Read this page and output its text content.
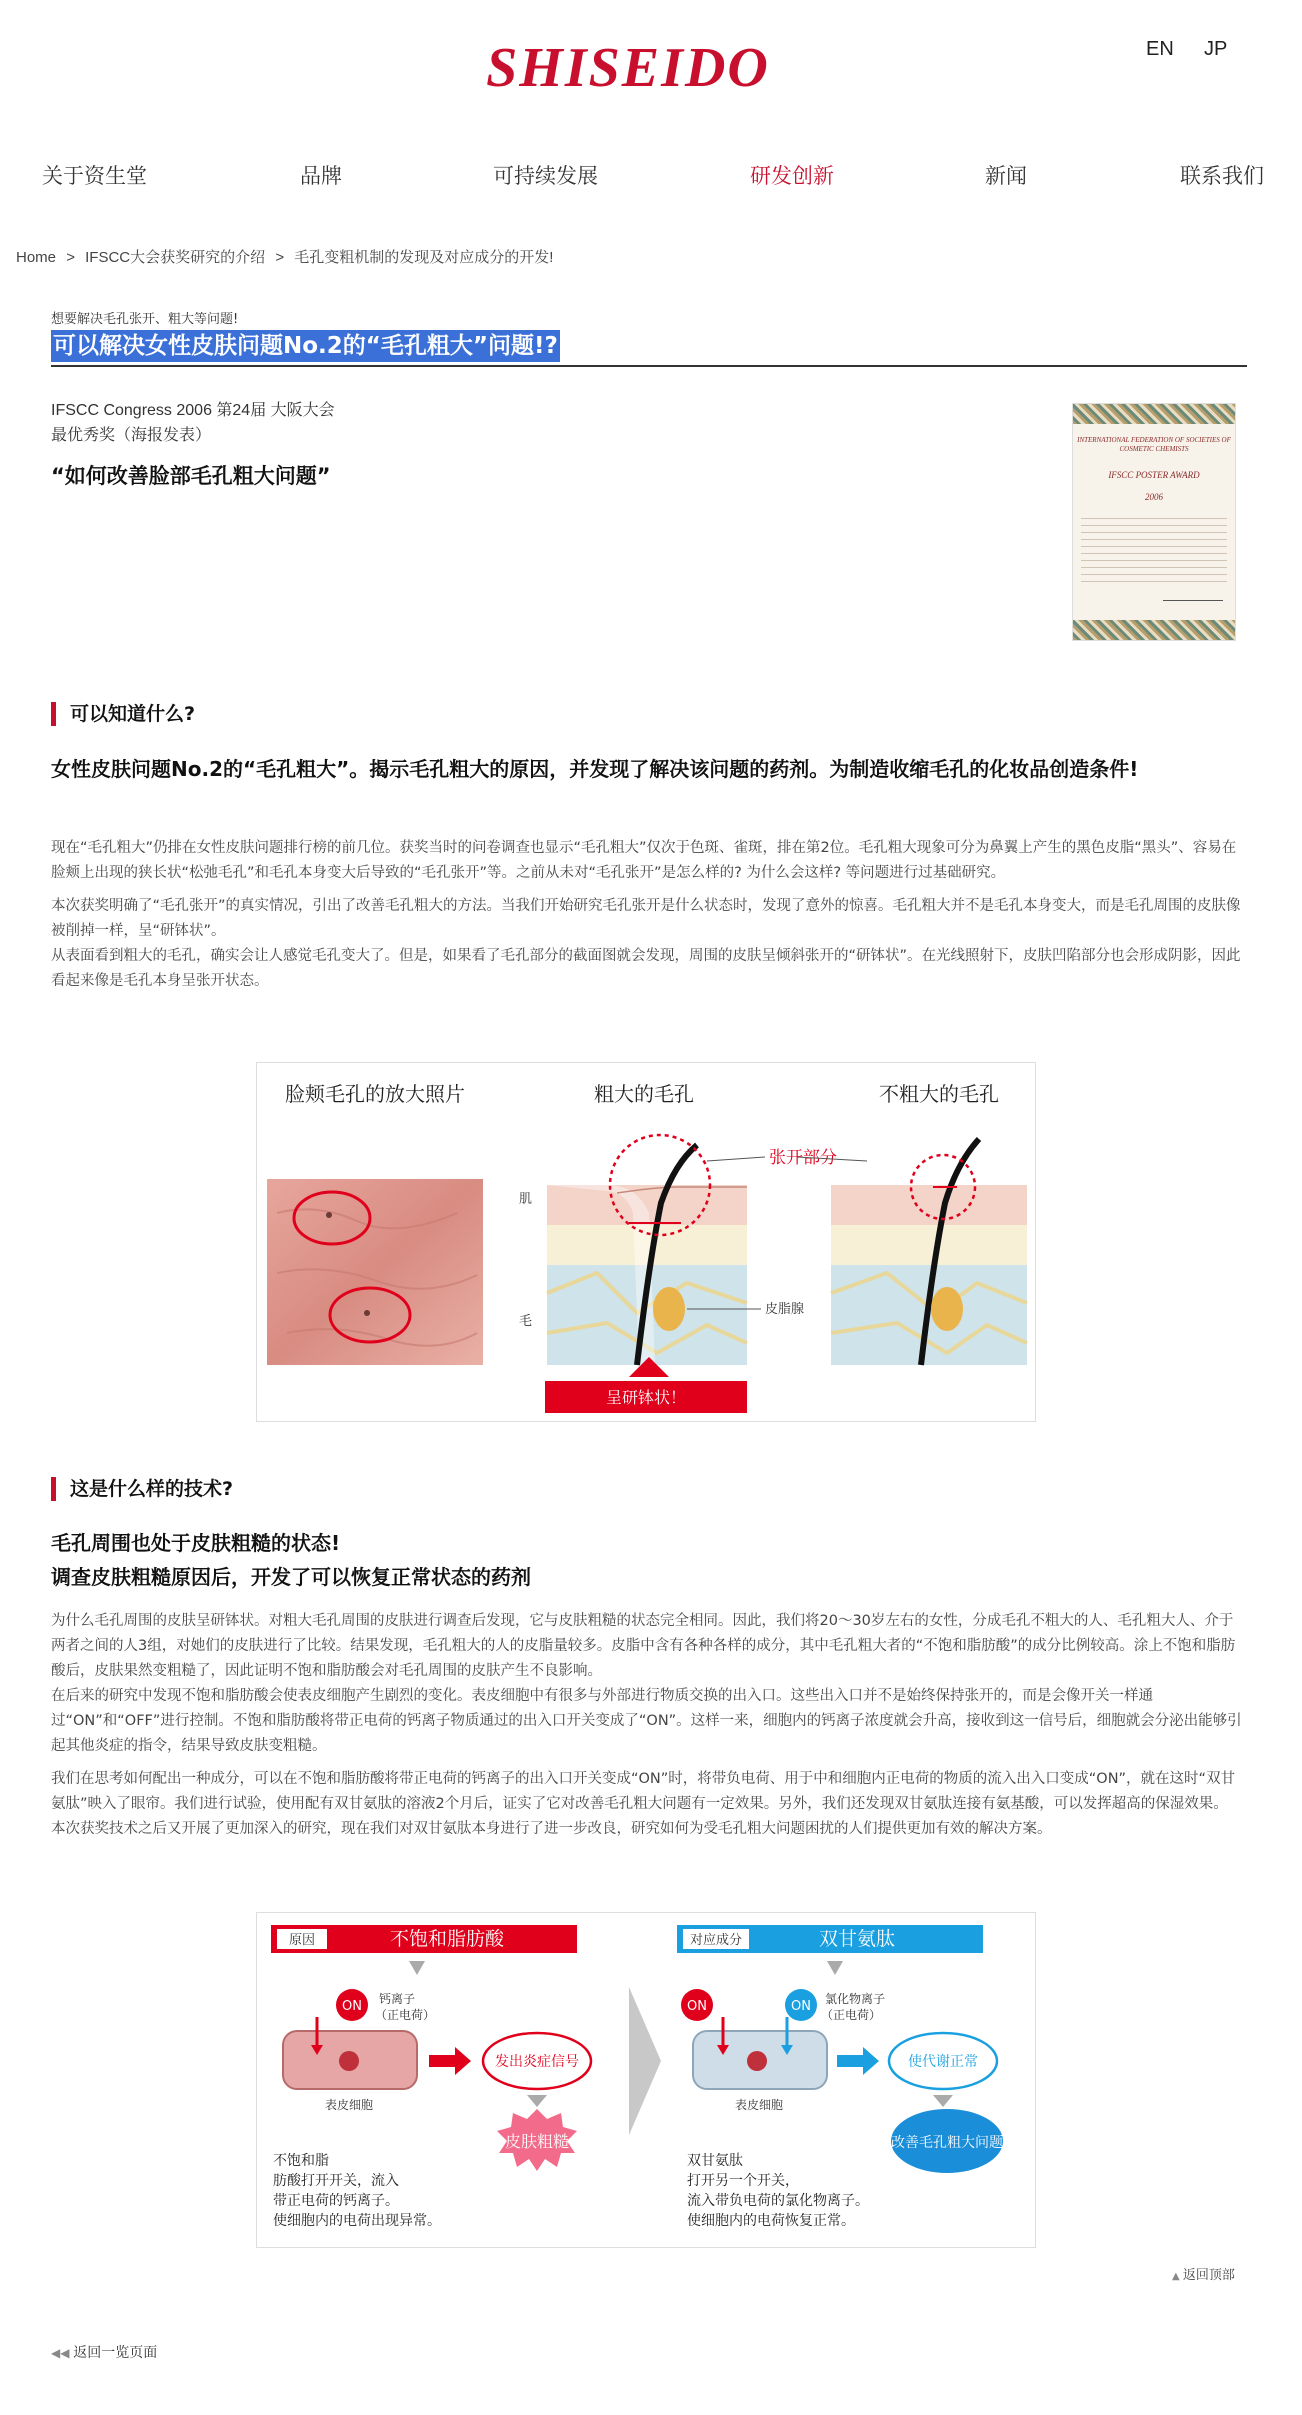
SHISEIDO	EN JP
关于资生堂	品牌	可持续发展	研发创新	新闻	联系我们
Home > IFSCC大会获奖研究的介绍 > 毛孔变粗机制的发现及对应成分的开发!
想要解决毛孔张开、粗大等问题!
可以解决女性皮肤问题No.2的“毛孔粗大”问题!?
IFSCC Congress 2006 第24届 大阪大会
最优秀奖（海报发表）
“如何改善脸部毛孔粗大问题”
INTERNATIONAL FEDERATION OF SOCIETIES OF COSMETIC CHEMISTS
IFSCC POSTER AWARD
2006
可以知道什么?
女性皮肤问题No.2的“毛孔粗大”。揭示毛孔粗大的原因，并发现了解决该问题的药剂。为制造收缩毛孔的化妆品创造条件!

现在“毛孔粗大”仍排在女性皮肤问题排行榜的前几位。获奖当时的问卷调查也显示“毛孔粗大”仅次于色斑、雀斑，排在第2位。毛孔粗大现象可分为鼻翼上产生的黑色皮脂“黑头”、容易在脸颊上出现的狭长状“松弛毛孔”和毛孔本身变大后导致的“毛孔张开”等。之前从未对“毛孔张开”是怎么样的? 为什么会这样? 等问题进行过基础研究。

本次获奖明确了“毛孔张开”的真实情况，引出了改善毛孔粗大的方法。当我们开始研究毛孔张开是什么状态时，发现了意外的惊喜。毛孔粗大并不是毛孔本身变大，而是毛孔周围的皮肤像被削掉一样，呈“研钵状”。

从表面看到粗大的毛孔，确实会让人感觉毛孔变大了。但是，如果看了毛孔部分的截面图就会发现，周围的皮肤呈倾斜张开的“研钵状”。在光线照射下，皮肤凹陷部分也会形成阴影，因此看起来像是毛孔本身呈张开状态。

脸颊毛孔的放大照片	粗大的毛孔	不粗大的毛孔
肌
毛
皮脂腺
张开部分
呈研钵状！
这是什么样的技术?
毛孔周围也处于皮肤粗糙的状态!
调查皮肤粗糙原因后，开发了可以恢复正常状态的药剂

为什么毛孔周围的皮肤呈研钵状。对粗大毛孔周围的皮肤进行调查后发现，它与皮肤粗糙的状态完全相同。因此，我们将20～30岁左右的女性，分成毛孔不粗大的人、毛孔粗大人、介于两者之间的人3组，对她们的皮肤进行了比较。结果发现，毛孔粗大的人的皮脂量较多。皮脂中含有各种各样的成分，其中毛孔粗大者的“不饱和脂肪酸”的成分比例较高。涂上不饱和脂肪酸后，皮肤果然变粗糙了，因此证明不饱和脂肪酸会对毛孔周围的皮肤产生不良影响。

在后来的研究中发现不饱和脂肪酸会使表皮细胞产生剧烈的变化。表皮细胞中有很多与外部进行物质交换的出入口。这些出入口并不是始终保持张开的，而是会像开关一样通过“ON”和“OFF”进行控制。不饱和脂肪酸将带正电荷的钙离子物质通过的出入口开关变成了“ON”。这样一来，细胞内的钙离子浓度就会升高，接收到这一信号后，细胞就会分泌出能够引起其他炎症的指令，结果导致皮肤变粗糙。

我们在思考如何配出一种成分，可以在不饱和脂肪酸将带正电荷的钙离子的出入口开关变成“ON”时，将带负电荷、用于中和细胞内正电荷的物质的流入出入口变成“ON”，就在这时“双甘氨肽”映入了眼帘。我们进行试验，使用配有双甘氨肽的溶液2个月后，证实了它对改善毛孔粗大问题有一定效果。另外，我们还发现双甘氨肽连接有氨基酸，可以发挥超高的保湿效果。

本次获奖技术之后又开展了更加深入的研究，现在我们对双甘氨肽本身进行了进一步改良，研究如何为受毛孔粗大问题困扰的人们提供更加有效的解决方案。

原因	不饱和脂肪酸
ON 钙离子
（正电荷）
表皮细胞
发出炎症信号
皮肤粗糙
不饱和脂
肪酸打开开关，流入
带正电荷的钙离子。
使细胞内的电荷出现异常。
对应成分	双甘氨肽
ON	ON 氯化物离子
（正电荷）
表皮细胞
使代谢正常
改善毛孔粗大问题
双甘氨肽
打开另一个开关，
流入带负电荷的氯化物离子。
使细胞内的电荷恢复正常。
▲ 返回顶部
◀◀ 返回一览页面
